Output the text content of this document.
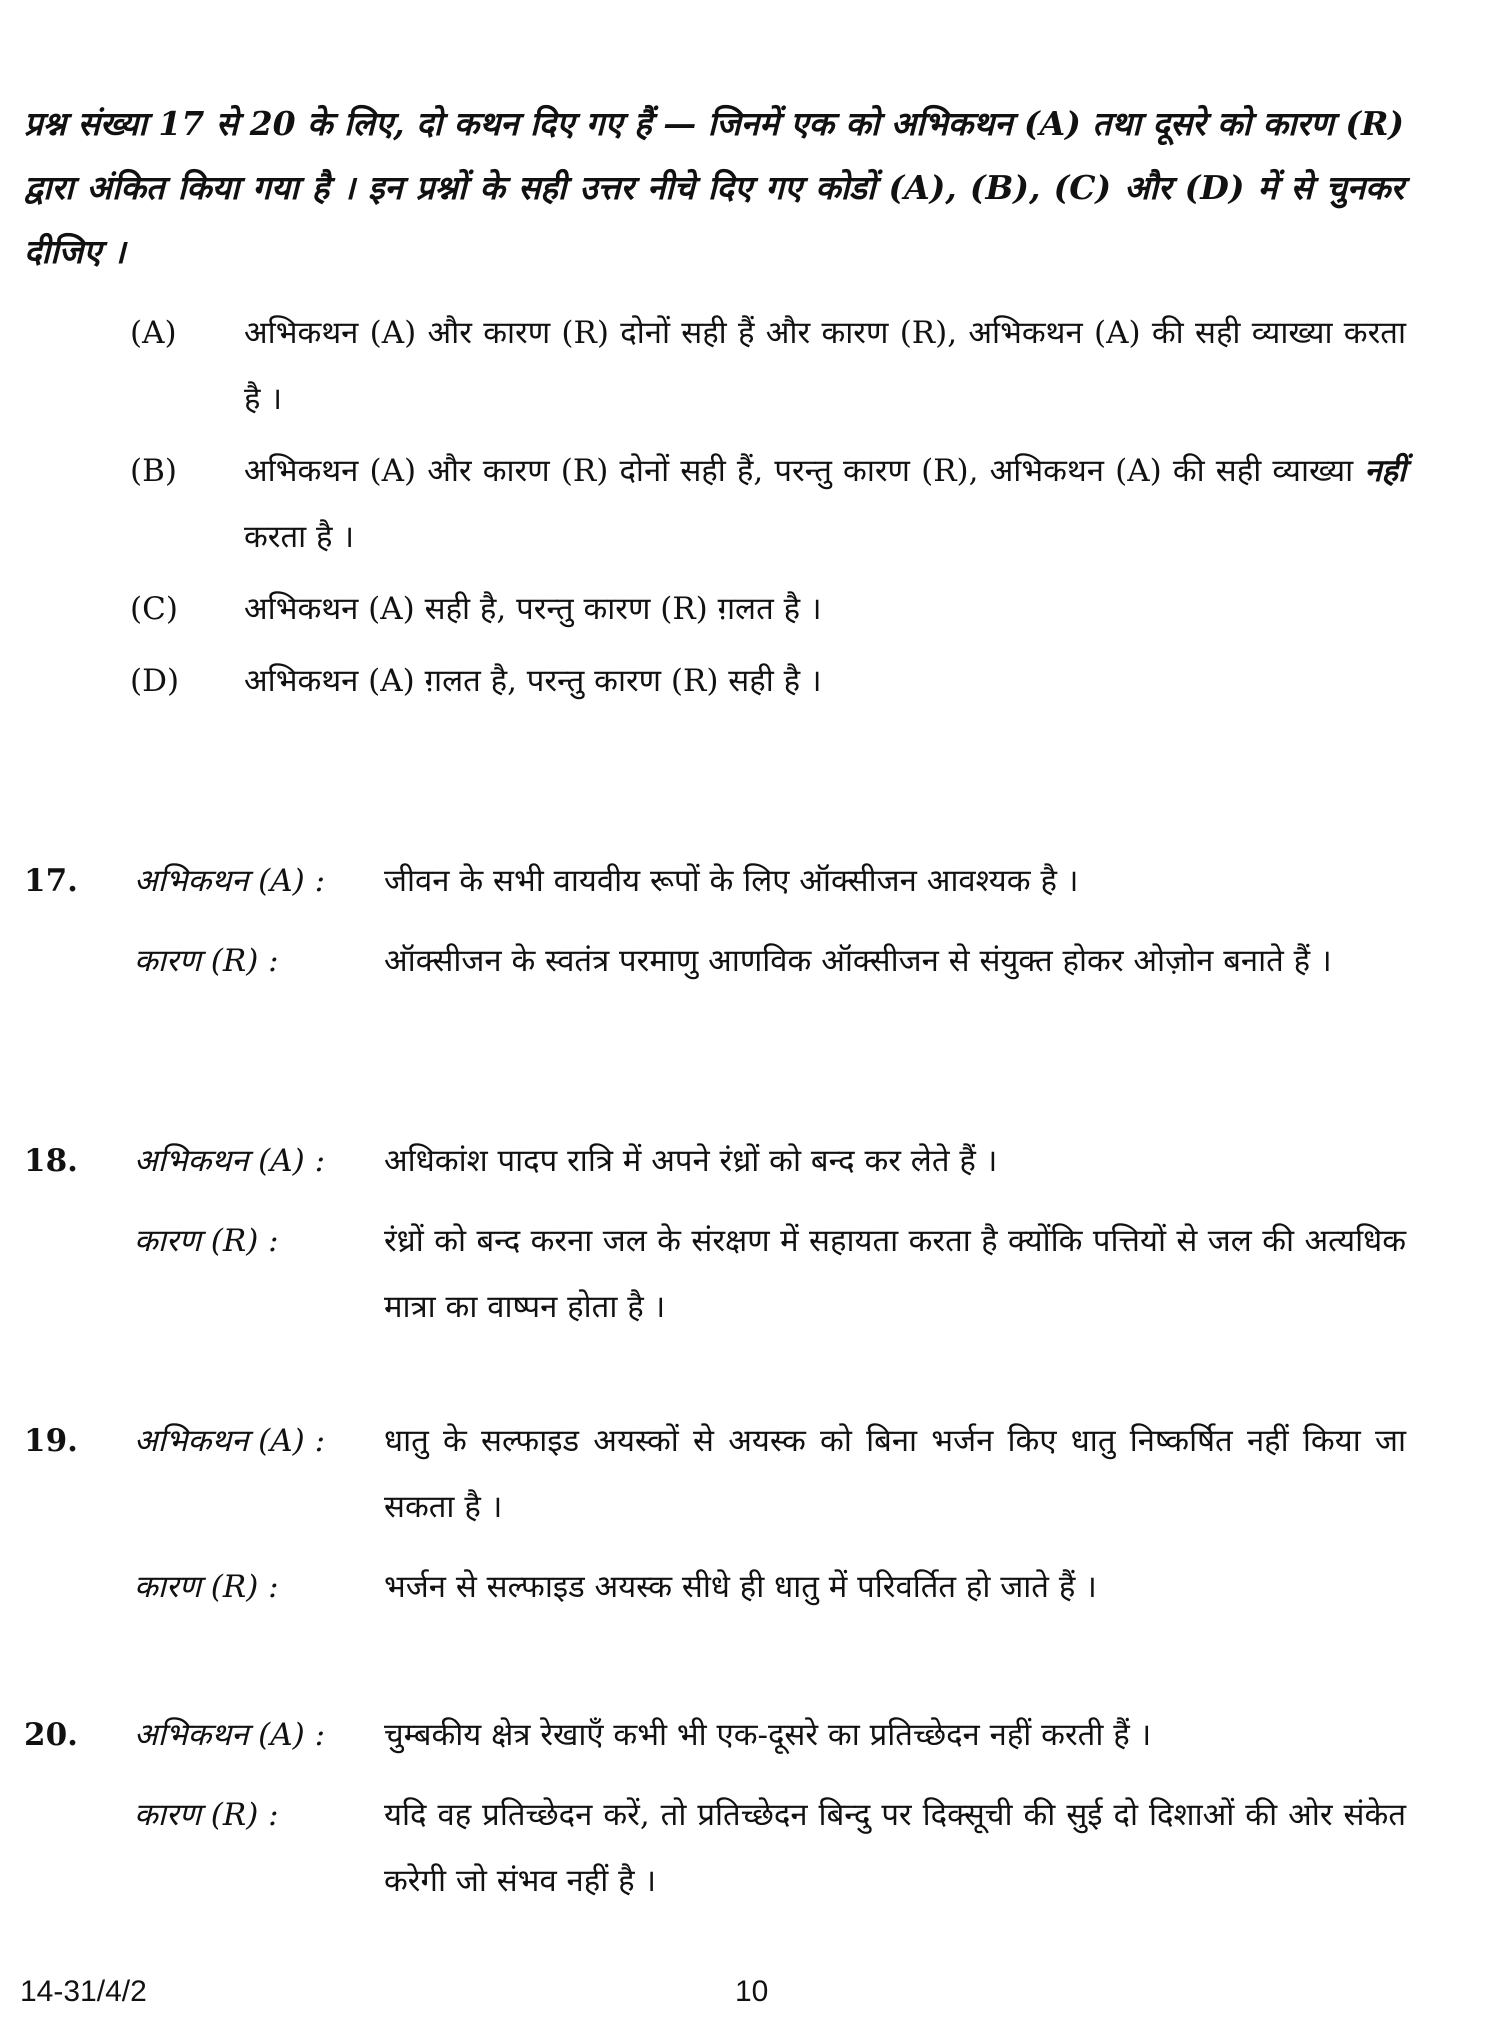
प्रश्न संख्या 17 से 20 के लिए, दो कथन दिए गए हैं — जिनमें एक को अभिकथन (A) तथा दूसरे को कारण (R) द्वारा अंकित किया गया है । इन प्रश्नों के सही उत्तर नीचे दिए गए कोडों (A), (B), (C) और (D) में से चुनकर दीजिए ।

(A) अभिकथन (A) और कारण (R) दोनों सही हैं और कारण (R), अभिकथन (A) की सही व्याख्या करता है ।
(B) अभिकथन (A) और कारण (R) दोनों सही हैं, परन्तु कारण (R), अभिकथन (A) की सही व्याख्या नहीं करता है ।
(C) अभिकथन (A) सही है, परन्तु कारण (R) ग़लत है ।
(D) अभिकथन (A) ग़लत है, परन्तु कारण (R) सही है ।
17. अभिकथन (A) : जीवन के सभी वायवीय रूपों के लिए ऑक्सीजन आवश्यक है ।
कारण (R) :	ऑक्सीजन के स्वतंत्र परमाणु आणविक ऑक्सीजन से संयुक्त होकर ओज़ोन बनाते हैं ।
18. अभिकथन (A) : अधिकांश पादप रात्रि में अपने रंध्रों को बन्द कर लेते हैं ।
कारण (R) :	रंध्रों को बन्द करना जल के संरक्षण में सहायता करता है क्योंकि पत्तियों से जल की अत्यधिक मात्रा का वाष्पन होता है ।
19. अभिकथन (A) : धातु के सल्फाइड अयस्कों से अयस्क को बिना भर्जन किए धातु निष्कर्षित नहीं किया जा सकता है ।
कारण (R) :	भर्जन से सल्फाइड अयस्क सीधे ही धातु में परिवर्तित हो जाते हैं ।
20. अभिकथन (A) : चुम्बकीय क्षेत्र रेखाएँ कभी भी एक-दूसरे का प्रतिच्छेदन नहीं करती हैं ।
कारण (R) :	यदि वह प्रतिच्छेदन करें, तो प्रतिच्छेदन बिन्दु पर दिक्सूची की सुई दो दिशाओं की ओर संकेत करेगी जो संभव नहीं है ।
14-31/4/2	10
